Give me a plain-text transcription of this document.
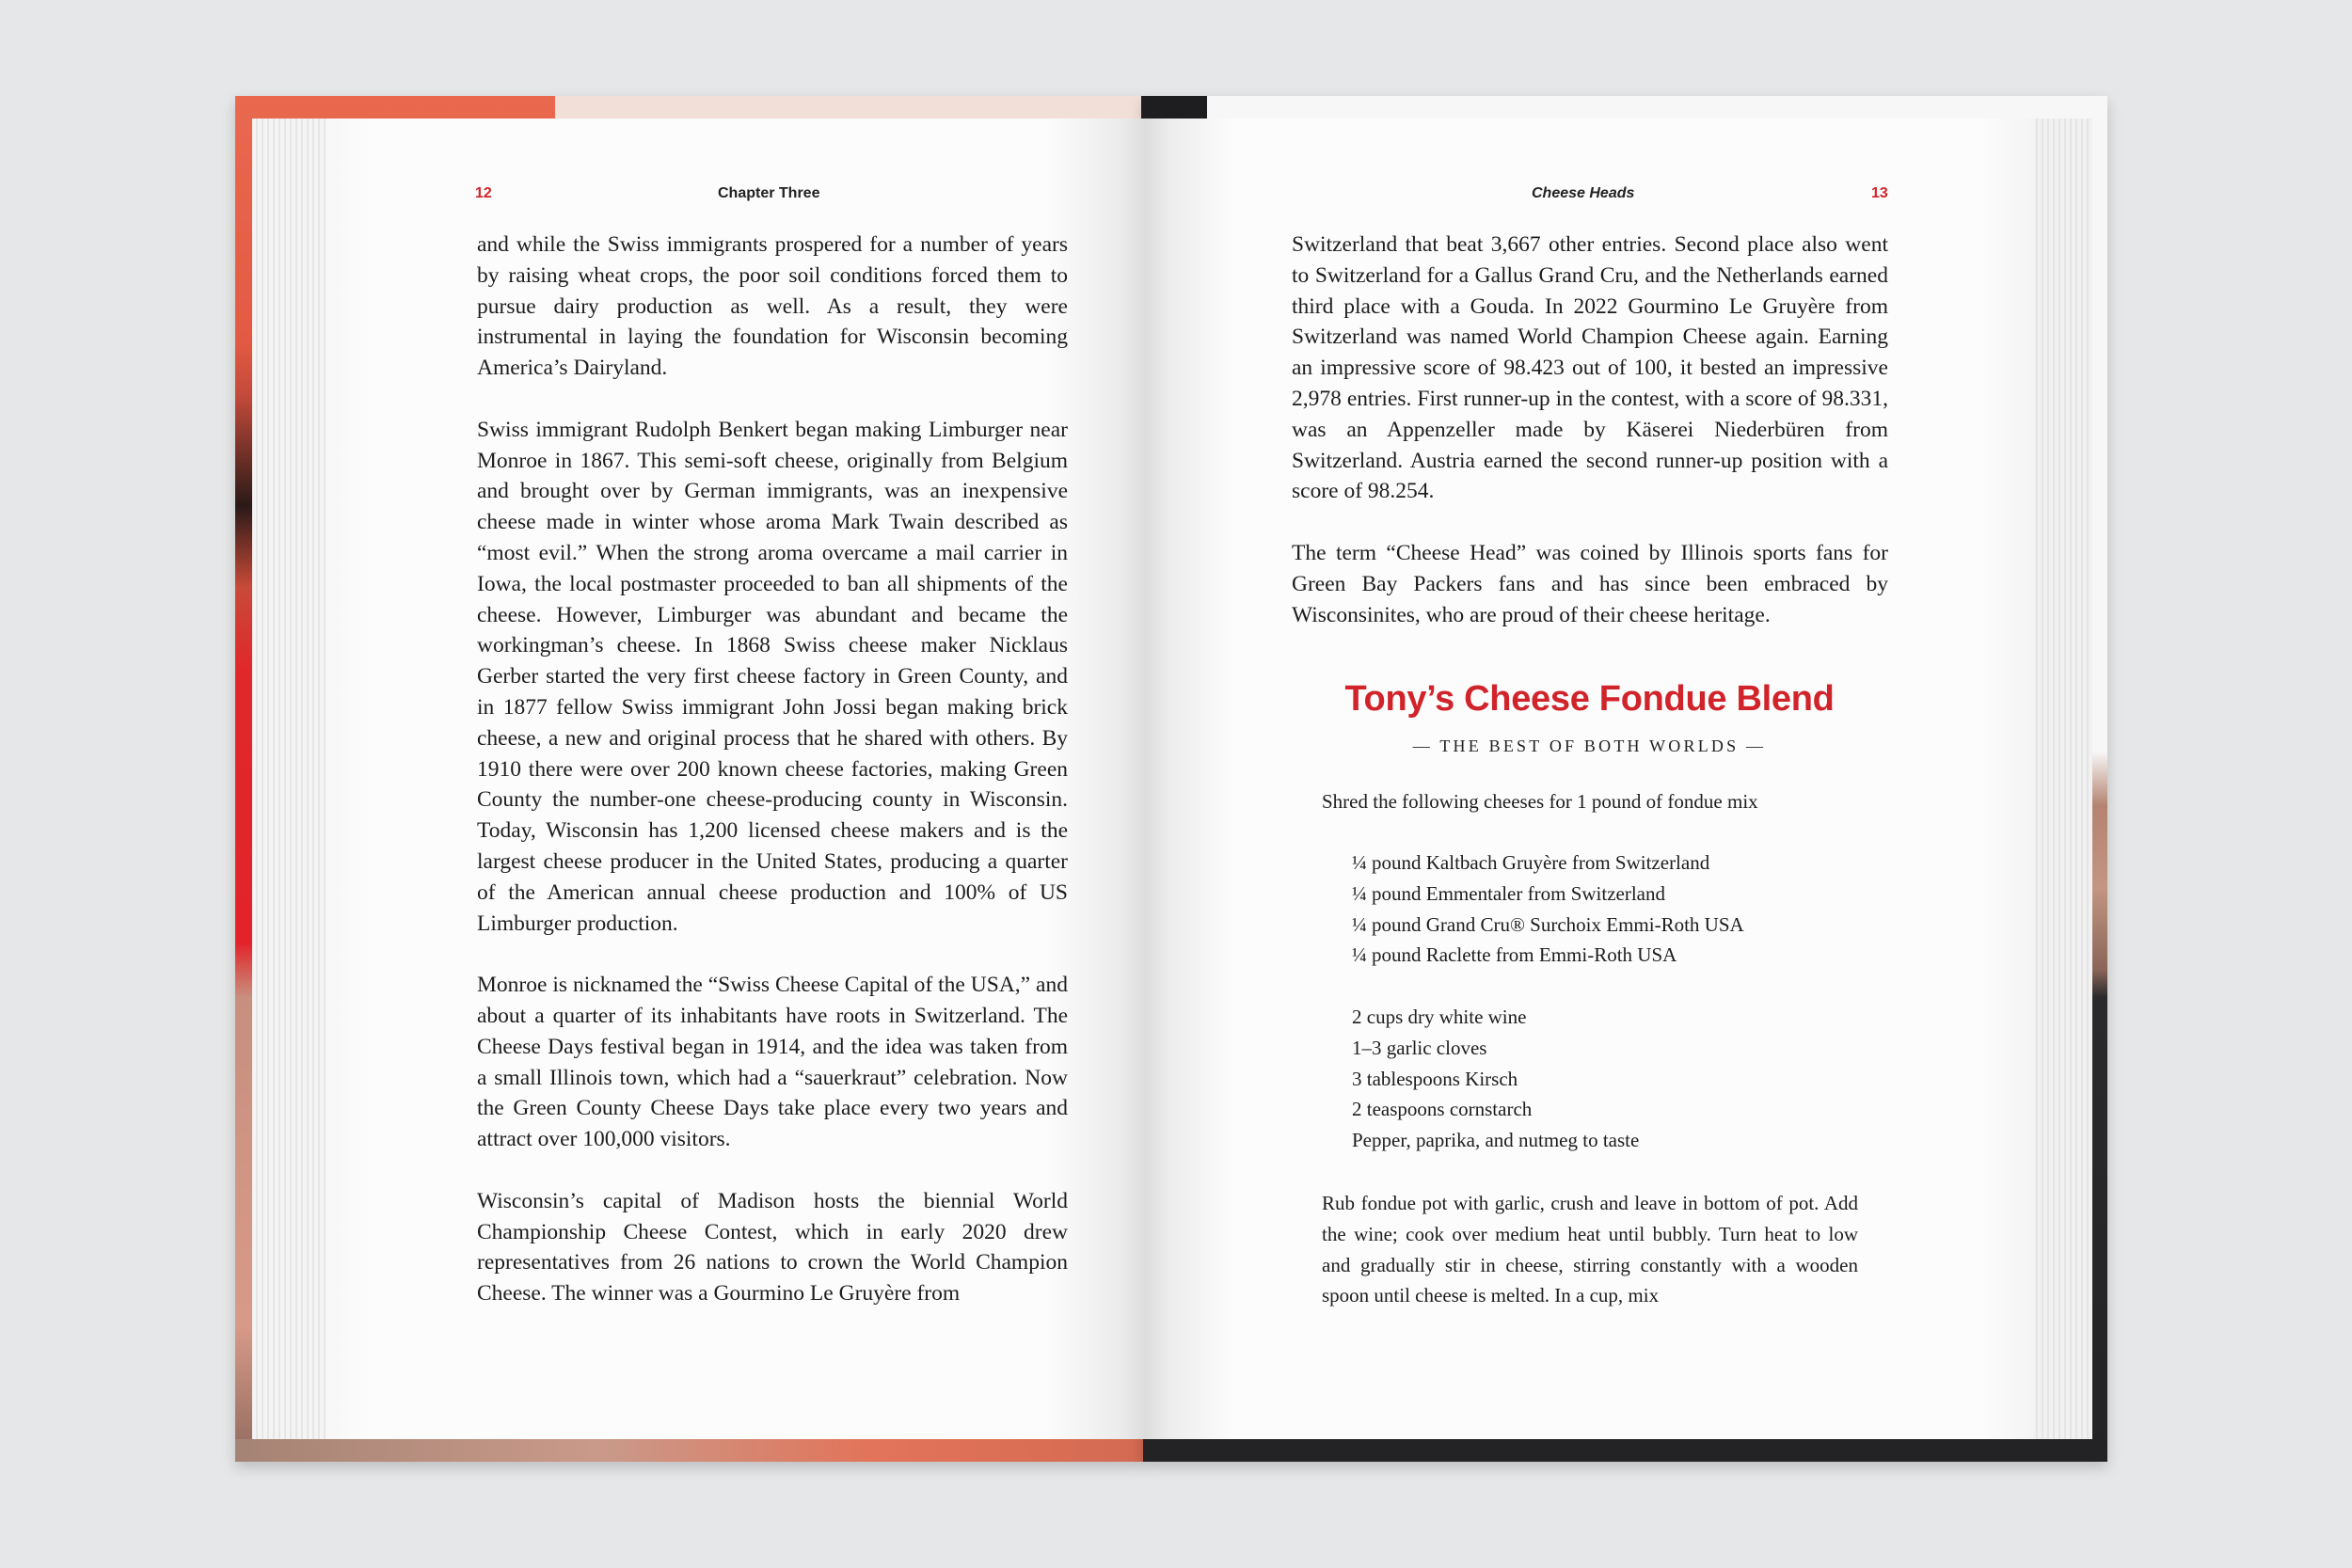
12	Chapter Three	Cheese Heads	13

and while the Swiss immigrants prospered for a number of years by raising wheat crops, the poor soil conditions forced them to pursue dairy production as well. As a result, they were instrumental in laying the foundation for Wisconsin becoming America’s Dairyland.

Swiss immigrant Rudolph Benkert began making Limburger near Monroe in 1867. This semi-soft cheese, originally from Belgium and brought over by German immigrants, was an inexpensive cheese made in winter whose aroma Mark Twain described as “most evil.” When the strong aroma overcame a mail carrier in Iowa, the local postmaster proceeded to ban all shipments of the cheese. However, Limburger was abundant and became the workingman’s cheese. In 1868 Swiss cheese maker Nicklaus Gerber started the very first cheese factory in Green County, and in 1877 fellow Swiss immigrant John Jossi began making brick cheese, a new and original process that he shared with others. By 1910 there were over 200 known cheese factories, making Green County the number-one cheese-producing county in Wisconsin. Today, Wisconsin has 1,200 licensed cheese makers and is the largest cheese producer in the United States, producing a quarter of the American annual cheese production and 100% of US Limburger production.

Monroe is nicknamed the “Swiss Cheese Capital of the USA,” and about a quarter of its inhabitants have roots in Switzerland. The Cheese Days festival began in 1914, and the idea was taken from a small Illinois town, which had a “sauerkraut” celebration. Now the Green County Cheese Days take place every two years and attract over 100,000 visitors.

Wisconsin’s capital of Madison hosts the biennial World Championship Cheese Contest, which in early 2020 drew representatives from 26 nations to crown the World Champion Cheese. The winner was a Gourmino Le Gruyère from

Switzerland that beat 3,667 other entries. Second place also went to Switzerland for a Gallus Grand Cru, and the Netherlands earned third place with a Gouda. In 2022 Gourmino Le Gruyère from Switzerland was named World Champion Cheese again. Earning an impressive score of 98.423 out of 100, it bested an impressive 2,978 entries. First runner-up in the contest, with a score of 98.331, was an Appenzeller made by Käserei Niederbüren from Switzerland. Austria earned the second runner-up position with a score of 98.254.

The term “Cheese Head” was coined by Illinois sports fans for Green Bay Packers fans and has since been embraced by Wisconsinites, who are proud of their cheese heritage.

Tony’s Cheese Fondue Blend
— THE BEST OF BOTH WORLDS —
Shred the following cheeses for 1 pound of fondue mix
¼ pound Kaltbach Gruyère from Switzerland
¼ pound Emmentaler from Switzerland
¼ pound Grand Cru® Surchoix Emmi-Roth USA
¼ pound Raclette from Emmi-Roth USA
2 cups dry white wine
1–3 garlic cloves
3 tablespoons Kirsch
2 teaspoons cornstarch
Pepper, paprika, and nutmeg to taste
Rub fondue pot with garlic, crush and leave in bottom of pot. Add the wine; cook over medium heat until bubbly. Turn heat to low and gradually stir in cheese, stirring constantly with a wooden spoon until cheese is melted. In a cup, mix
